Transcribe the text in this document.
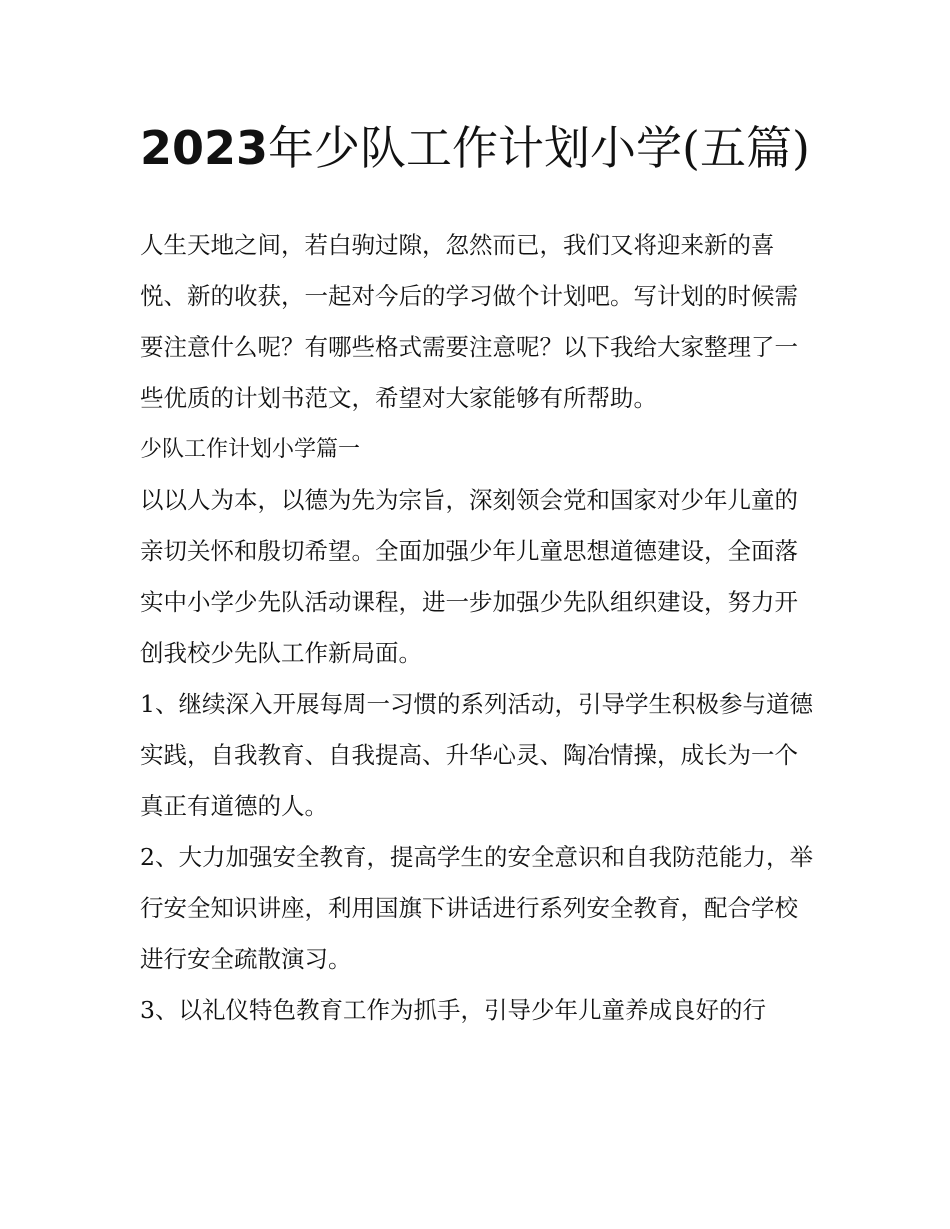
2023年少队工作计划小学(五篇)

人生天地之间，若白驹过隙，忽然而已，我们又将迎来新的喜悦、新的收获，一起对今后的学习做个计划吧。写计划的时候需要注意什么呢？有哪些格式需要注意呢？以下我给大家整理了一些优质的计划书范文，希望对大家能够有所帮助。

少队工作计划小学篇一

以以人为本，以德为先为宗旨，深刻领会党和国家对少年儿童的亲切关怀和殷切希望。全面加强少年儿童思想道德建设，全面落实中小学少先队活动课程，进一步加强少先队组织建设，努力开创我校少先队工作新局面。

1、继续深入开展每周一习惯的系列活动，引导学生积极参与道德实践，自我教育、自我提高、升华心灵、陶冶情操，成长为一个真正有道德的人。

2、大力加强安全教育，提高学生的安全意识和自我防范能力，举行安全知识讲座，利用国旗下讲话进行系列安全教育，配合学校进行安全疏散演习。

3、以礼仪特色教育工作为抓手，引导少年儿童养成良好的行
